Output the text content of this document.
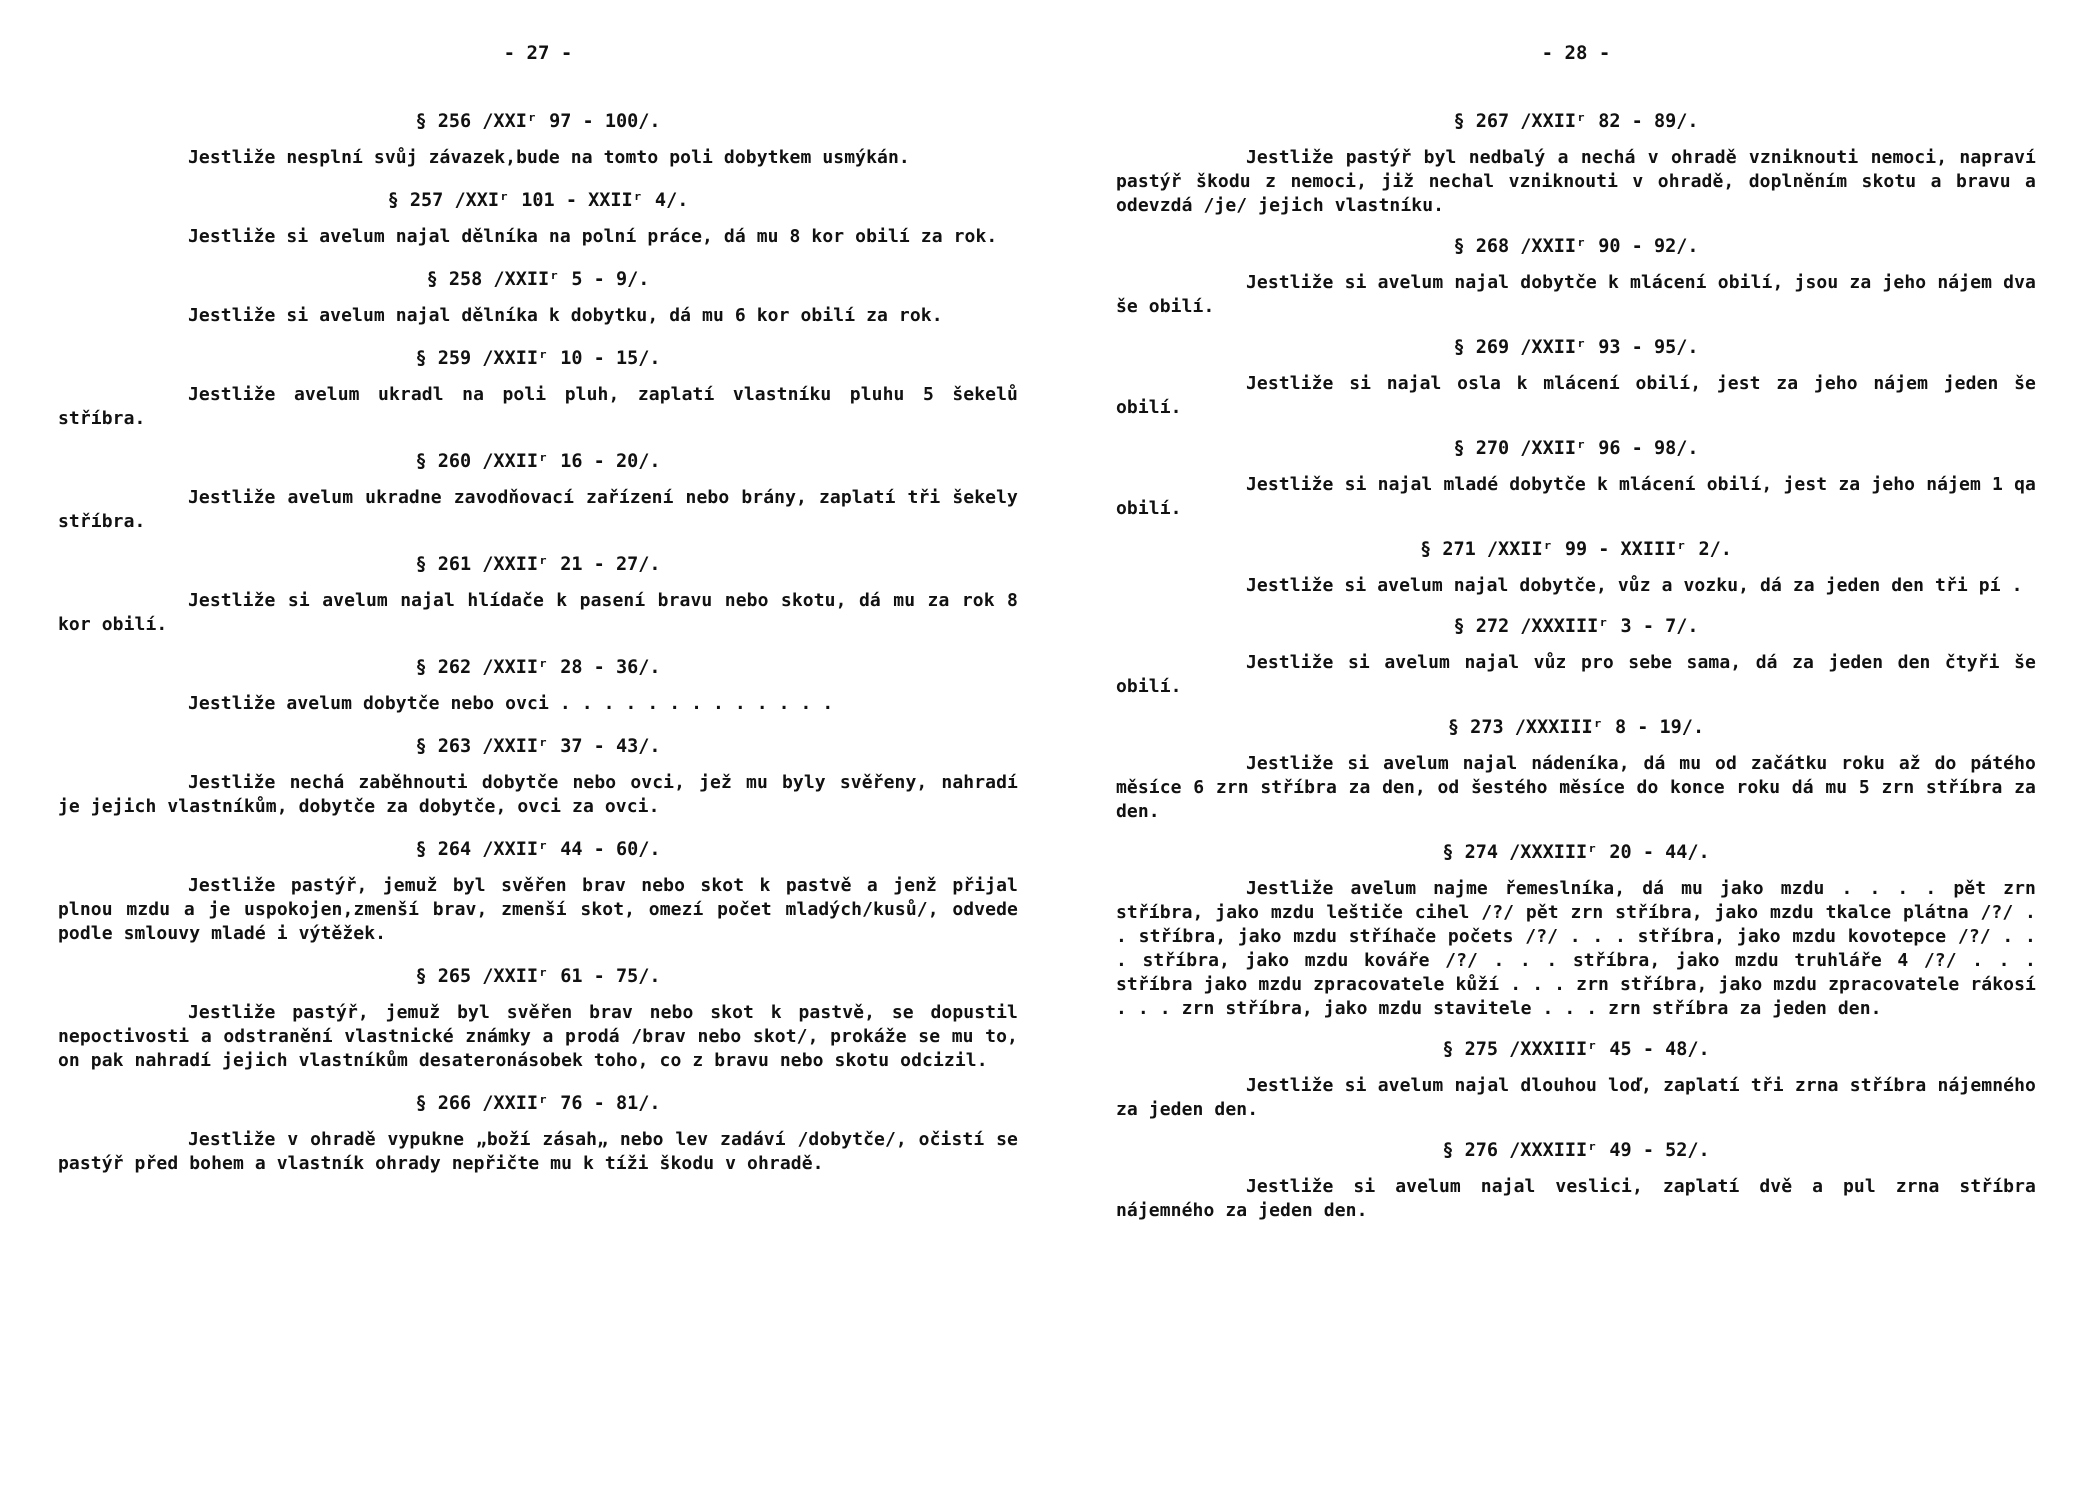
- 27 -

§ 256 /XXIʳ 97 - 100/.

Jestliže nesplní svůj závazek,bude na tomto poli dobytkem usmýkán.

§ 257 /XXIʳ 101 - XXIIʳ 4/.

Jestliže si avelum najal dělníka na polní práce, dá mu 8 kor obilí za rok.

§ 258 /XXIIʳ 5 - 9/.

Jestliže si avelum najal dělníka k dobytku, dá mu 6 kor obilí za rok.

§ 259 /XXIIʳ 10 - 15/.

Jestliže avelum ukradl na poli pluh, zaplatí vlastníku pluhu 5 šekelů stříbra.

§ 260 /XXIIʳ 16 - 20/.

Jestliže avelum ukradne zavodňovací zařízení nebo brány, zaplatí tři šekely stříbra.

§ 261 /XXIIʳ 21 - 27/.

Jestliže si avelum najal hlídače k pasení bravu nebo skotu, dá mu za rok 8 kor obilí.

§ 262 /XXIIʳ 28 - 36/.

Jestliže avelum dobytče nebo ovci . . . . . . . . . . . . .

§ 263 /XXIIʳ 37 - 43/.

Jestliže nechá zaběhnouti dobytče nebo ovci, jež mu byly svěřeny, nahradí je jejich vlastníkům, dobytče za dobytče, ovci za ovci.

§ 264 /XXIIʳ 44 - 60/.

Jestliže pastýř, jemuž byl svěřen brav nebo skot k pastvě a jenž přijal plnou mzdu a je uspokojen,zmenší brav, zmenší skot, omezí počet mladých/kusů/, odvede podle smlouvy mladé i výtěžek.

§ 265 /XXIIʳ 61 - 75/.

Jestliže pastýř, jemuž byl svěřen brav nebo skot k pastvě, se dopustil nepoctivosti a odstranění vlastnické známky a prodá /brav nebo skot/, prokáže se mu to, on pak nahradí jejich vlastníkům desateronásobek toho, co z bravu nebo skotu odcizil.

§ 266 /XXIIʳ 76 - 81/.

Jestliže v ohradě vypukne „boží zásah„ nebo lev zadáví /dobytče/, očistí se pastýř před bohem a vlastník ohrady nepřičte mu k tíži škodu v ohradě.

- 28 -

§ 267 /XXIIʳ 82 - 89/.

Jestliže pastýř byl nedbalý a nechá v ohradě vzniknouti nemoci, napraví pastýř škodu z nemoci, již nechal vzniknouti v ohradě, doplněním skotu a bravu a odevzdá /je/ jejich vlastníku.

§ 268 /XXIIʳ 90 - 92/.

Jestliže si avelum najal dobytče k mlácení obilí, jsou za jeho nájem dva še obilí.

§ 269 /XXIIʳ 93 - 95/.

Jestliže si najal osla k mlácení obilí, jest za jeho nájem jeden še obilí.

§ 270 /XXIIʳ 96 - 98/.

Jestliže si najal mladé dobytče k mlácení obilí, jest za jeho nájem 1 qa obilí.

§ 271 /XXIIʳ 99 - XXIIIʳ 2/.

Jestliže si avelum najal dobytče, vůz a vozku, dá za jeden den tři pí .

§ 272 /XXXIIIʳ 3 - 7/.

Jestliže si avelum najal vůz pro sebe sama, dá za jeden den čtyři še obilí.

§ 273 /XXXIIIʳ 8 - 19/.

Jestliže si avelum najal nádeníka, dá mu od začátku roku až do pátého měsíce 6 zrn stříbra za den, od šestého měsíce do konce roku dá mu 5 zrn stříbra za den.

§ 274 /XXXIIIʳ 20 - 44/.

Jestliže avelum najme řemeslníka, dá mu jako mzdu . . . . pět zrn stříbra, jako mzdu leštiče cihel /?/ pět zrn stříbra, jako mzdu tkalce plátna /?/ . . stříbra, jako mzdu stříhače počets /?/ . . . stříbra, jako mzdu kovotepce /?/ . . . stříbra, jako mzdu kováře /?/ . . . stříbra, jako mzdu truhláře 4 /?/ . . . stříbra jako mzdu zpracovatele kůží . . . zrn stříbra, jako mzdu zpracovatele rákosí . . . zrn stříbra, jako mzdu stavitele . . . zrn stříbra za jeden den.

§ 275 /XXXIIIʳ 45 - 48/.

Jestliže si avelum najal dlouhou loď, zaplatí tři zrna stříbra nájemného za jeden den.

§ 276 /XXXIIIʳ 49 - 52/.

Jestliže si avelum najal veslici, zaplatí dvě a pul zrna stříbra nájemného za jeden den.
